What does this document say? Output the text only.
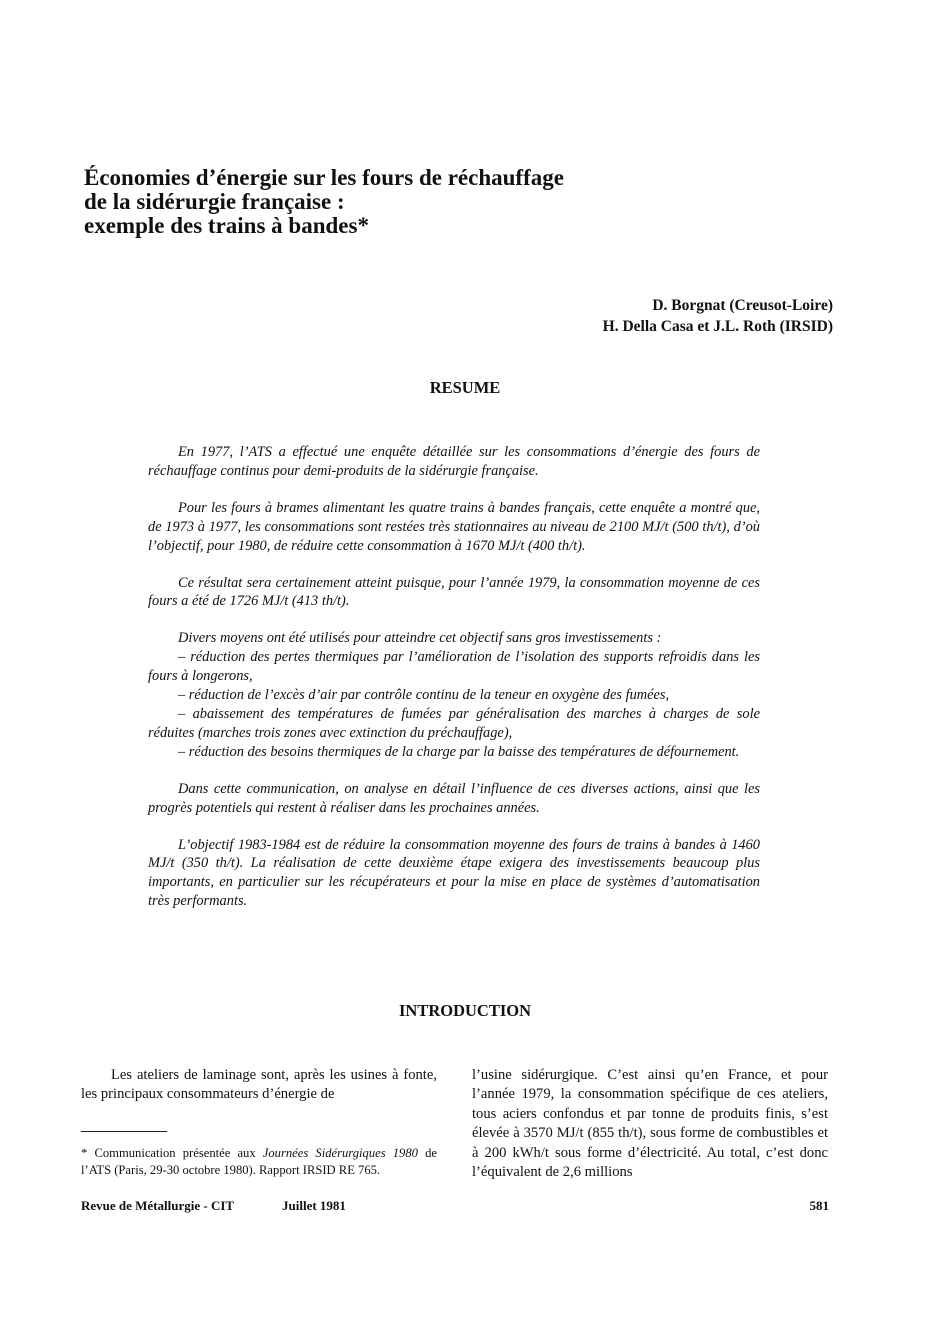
Économies d’énergie sur les fours de réchauffage
de la sidérurgie française :
exemple des trains à bandes*
D. Borgnat (Creusot-Loire)
H. Della Casa et J.L. Roth (IRSID)
RESUME

En 1977, l’ATS a effectué une enquête détaillée sur les consommations d’énergie des fours de réchauffage continus pour demi-produits de la sidérurgie française.

Pour les fours à brames alimentant les quatre trains à bandes français, cette enquête a montré que, de 1973 à 1977, les consommations sont restées très stationnaires au niveau de 2100 MJ/t (500 th/t), d’où l’objectif, pour 1980, de réduire cette consommation à 1670 MJ/t (400 th/t).

Ce résultat sera certainement atteint puisque, pour l’année 1979, la consommation moyenne de ces fours a été de 1726 MJ/t (413 th/t).

Divers moyens ont été utilisés pour atteindre cet objectif sans gros investissements :
– réduction des pertes thermiques par l’amélioration de l’isolation des supports refroidis dans les fours à longerons,
– réduction de l’excès d’air par contrôle continu de la teneur en oxygène des fumées,
– abaissement des températures de fumées par généralisation des marches à charges de sole réduites (marches trois zones avec extinction du préchauffage),
– réduction des besoins thermiques de la charge par la baisse des températures de défournement.

Dans cette communication, on analyse en détail l’influence de ces diverses actions, ainsi que les progrès potentiels qui restent à réaliser dans les prochaines années.

L’objectif 1983-1984 est de réduire la consommation moyenne des fours de trains à bandes à 1460 MJ/t (350 th/t). La réalisation de cette deuxième étape exigera des investissements beaucoup plus importants, en particulier sur les récupérateurs et pour la mise en place de systèmes d’automatisation très performants.

INTRODUCTION

Les ateliers de laminage sont, après les usines à fonte, les principaux consommateurs d’énergie de

l’usine sidérurgique. C’est ainsi qu’en France, et pour l’année 1979, la consommation spécifique de ces ateliers, tous aciers confondus et par tonne de produits finis, s’est élevée à 3570 MJ/t (855 th/t), sous forme de combustibles et à 200 kWh/t sous forme d’électricité. Au total, c’est donc l’équivalent de 2,6 millions

* Communication présentée aux Journées Sidérurgiques 1980 de l’ATS (Paris, 29-30 octobre 1980). Rapport IRSID RE 765.
Revue de Métallurgie - CIT	Juillet 1981	581
